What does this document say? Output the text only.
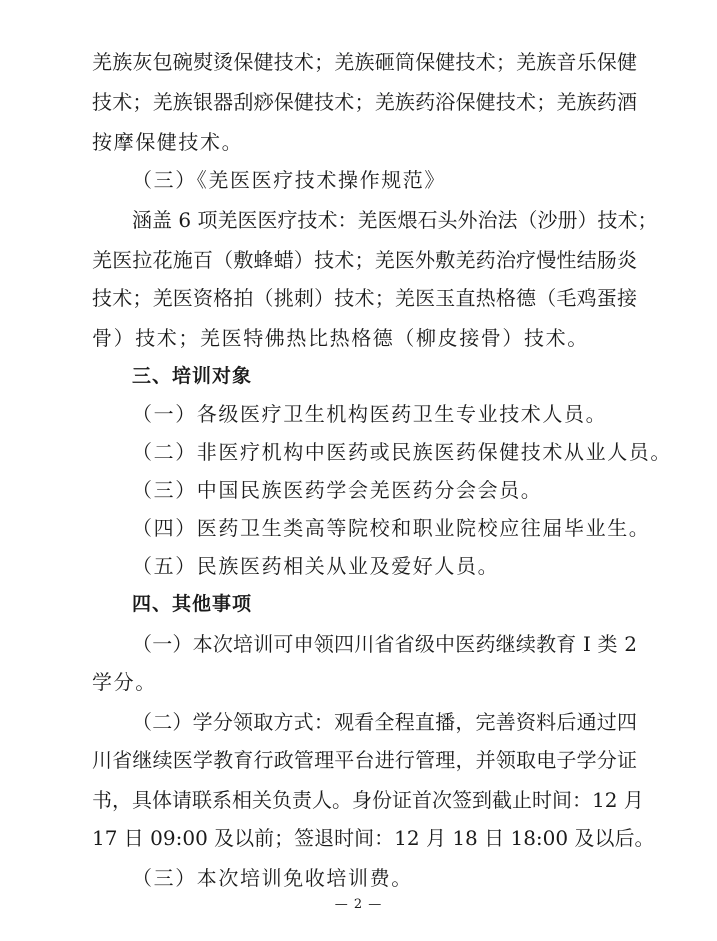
羌族灰包碗熨烫保健技术；羌族砸筒保健技术；羌族音乐保健
技术；羌族银器刮痧保健技术；羌族药浴保健技术；羌族药酒
按摩保健技术。
（三）《羌医医疗技术操作规范》
涵盖 6 项羌医医疗技术：羌医煨石头外治法（沙册）技术；
羌医拉花施百（敷蜂蜡）技术；羌医外敷羌药治疗慢性结肠炎
技术；羌医资格拍（挑刺）技术；羌医玉直热格德（毛鸡蛋接
骨）技术；羌医特佛热比热格德（柳皮接骨）技术。
三、培训对象
（一）各级医疗卫生机构医药卫生专业技术人员。
（二）非医疗机构中医药或民族医药保健技术从业人员。
（三）中国民族医药学会羌医药分会会员。
（四）医药卫生类高等院校和职业院校应往届毕业生。
（五）民族医药相关从业及爱好人员。
四、其他事项
（一）本次培训可申领四川省省级中医药继续教育 I 类 2
学分。
（二）学分领取方式：观看全程直播，完善资料后通过四
川省继续医学教育行政管理平台进行管理，并领取电子学分证
书，具体请联系相关负责人。身份证首次签到截止时间：12 月
17 日 09:00 及以前；签退时间：12 月 18 日 18:00 及以后。
（三）本次培训免收培训费。
— 2 —
